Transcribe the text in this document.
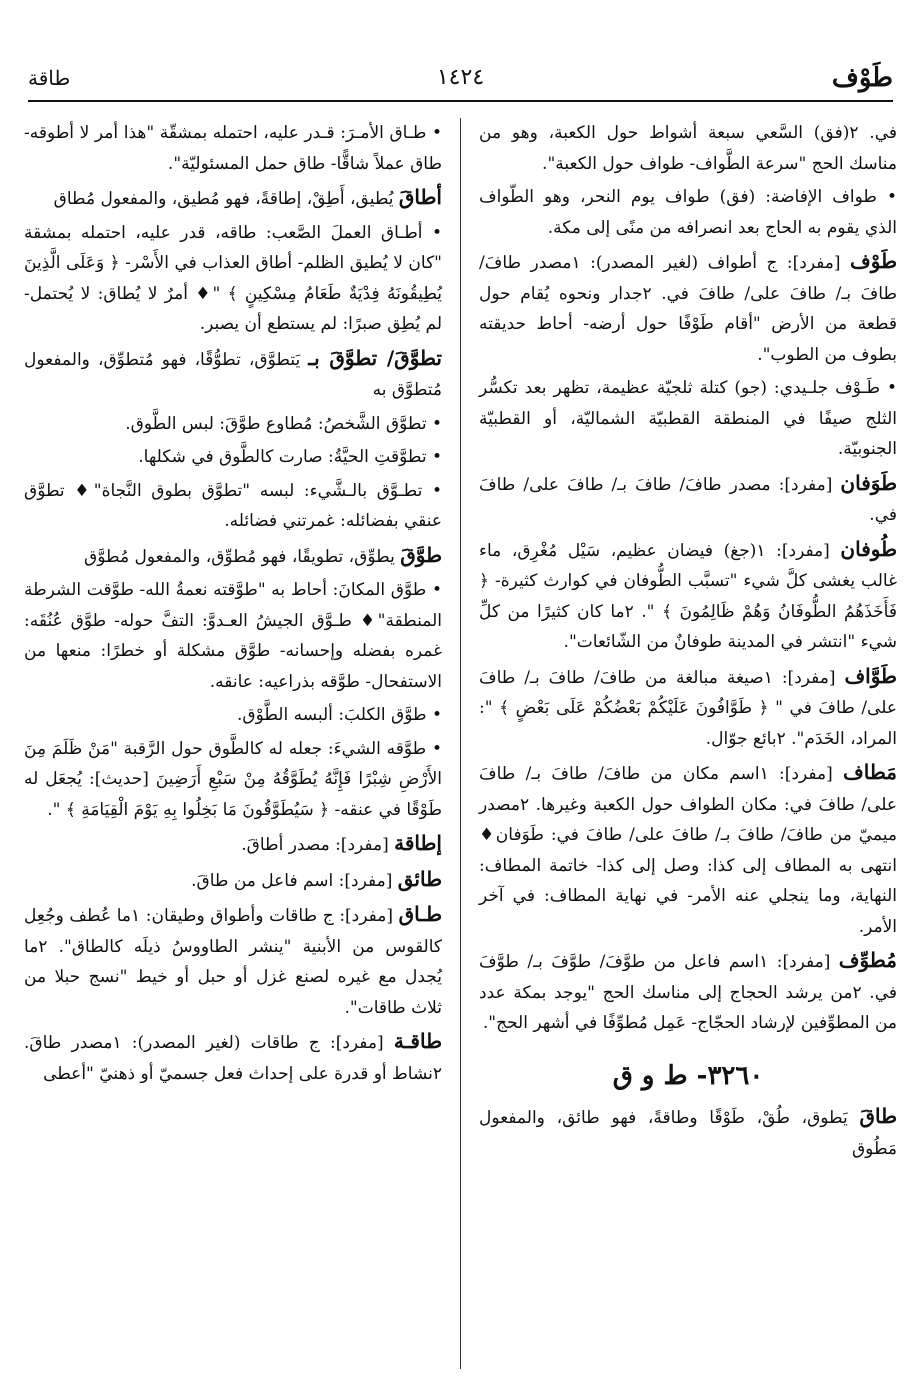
طَوْف
١٤٢٤
طاقة

في. ٢(فق) السَّعي سبعة أشواط حول الكعبة، وهو من مناسك الحج "سرعة الطَّواف- طواف حول الكعبة".

• طواف الإفاضة: (فق) طواف يوم النحر، وهو الطّواف الذي يقوم به الحاج بعد انصرافه من منًى إلى مكة.

طَوْف [مفرد]: ج أطواف (لغير المصدر): ١مصدر طافَ/ طافَ بـ/ طافَ على/ طافَ في. ٢جدار ونحوه يُقام حول قطعة من الأرض "أقام طَوْفًا حول أرضه- أحاط حديقته بطوف من الطوب".

• طَـوْف جلـيدي: (جو) كتلة ثلجيّة عظيمة، تظهر بعد تكسُّر الثلج صيفًا في المنطقة القطبيّة الشماليّة، أو القطبيّة الجنوبيّة.

طَوَفان [مفرد]: مصدر طافَ/ طافَ بـ/ طافَ على/ طافَ في.

طُوفان [مفرد]: ١(جغ) فيضان عظيم، سَيْل مُغْرِق، ماء غالب يغشى كلَّ شيء "تسبَّب الطُّوفان في كوارث كثيرة- ﴿ فَأَخَذَهُمُ الطُّوفَانُ وَهُمْ ظَالِمُونَ ﴾ ". ٢ما كان كثيرًا من كلِّ شيء "انتشر في المدينة طوفانٌ من الشّائعات".

طَوَّاف [مفرد]: ١صيغة مبالغة من طافَ/ طافَ بـ/ طافَ على/ طافَ في " ﴿ طَوَّافُونَ عَلَيْكُمْ بَعْضُكُمْ عَلَى بَعْضٍ ﴾ ": المراد، الخَدَم". ٢بائع جوّال.

مَطاف [مفرد]: ١اسم مكان من طافَ/ طافَ بـ/ طافَ على/ طافَ في: مكان الطواف حول الكعبة وغيرها. ٢مصدر ميميّ من طافَ/ طافَ بـ/ طافَ على/ طافَ في: طَوَفان♦ انتهى به المطاف إلى كذا: وصل إلى كذا- خاتمة المطاف: النهاية، وما ينجلي عنه الأمر- في نهاية المطاف: في آخر الأمر.

مُطوِّف [مفرد]: ١اسم فاعل من طوَّفَ/ طوَّفَ بـ/ طوَّفَ في. ٢من يرشد الحجاج إلى مناسك الحج "يوجد بمكة عدد من المطوِّفين لإرشاد الحجّاج- عَمِل مُطوِّفًا في أشهر الحج".

٣٢٦٠- ط و ق

طاقَ يَطوق، طُقْ، طَوْقًا وطاقةً، فهو طائق، والمفعول مَطُوق

• طـاق الأمـرَ: قـدر عليه، احتمله بمشقّة "هذا أمر لا أطوقه- طاق عملاً شاقًّا- طاق حمل المسئوليّة".

أطاقَ يُطيق، أَطِقْ، إطاقةً، فهو مُطيق، والمفعول مُطاق

• أطـاق العملَ الصَّعب: طاقه، قدر عليه، احتمله بمشقة "كان لا يُطيق الظلم- أطاق العذاب في الأَسْر- ﴿ وَعَلَى الَّذِينَ يُطِيقُونَهُ فِدْيَةٌ طَعَامُ مِسْكِينٍ ﴾ "♦ أمرٌ لا يُطاق: لا يُحتمل- لم يُطِق صبرًا: لم يستطع أن يصبر.

تطوَّقَ/ تطوَّقَ بـ يَتطوَّق، تطوُّقًا، فهو مُتطوِّق، والمفعول مُتطوَّق به

• تطوَّق الشَّخصُ: مُطاوع طوَّقَ: لبس الطَّوق.

• تطوَّقتِ الحيَّةُ: صارت كالطَّوق في شكلها.

• تطـوَّق بالـشَّيء: لبسه "تطوَّق بطوق النَّجاة"♦ تطوَّق عنقي بفضائله: غمرتني فضائله.

طوَّقَ يطوِّق، تطويقًا، فهو مُطوِّق، والمفعول مُطوَّق

• طوَّق المكانَ: أحاط به "طوَّقته نعمةُ الله- طوَّقت الشرطة المنطقة"♦ طـوَّق الجيشُ العـدوَّ: التفَّ حوله- طوَّق عُنُقَه: غمره بفضله وإحسانه- طوَّق مشكلة أو خطرًا: منعها من الاستفحال- طوَّقه بذراعيه: عانقه.

• طوَّق الكلبَ: ألبسه الطَّوْق.

• طوَّقه الشيءَ: جعله له كالطَّوق حول الرَّقبة "مَنْ ظَلَمَ مِنَ الأَرْضِ شِبْرًا فَإِنَّهُ يُطَوَّقُهُ مِنْ سَبْعِ أَرَضِينَ [حديث]: يُجعَل له طَوْقًا في عنقه- ﴿ سَيُطَوَّقُونَ مَا بَخِلُوا بِهِ يَوْمَ الْقِيَامَةِ ﴾ ".

إطاقة [مفرد]: مصدر أطاقَ.

طائق [مفرد]: اسم فاعل من طاقَ.

طـاق [مفرد]: ج طاقات وأطواق وطيقان: ١ما عُطف وجُعِل كالقوس من الأبنية "ينشر الطاووسُ ذيلَه كالطاق". ٢ما يُجدل مع غيره لصنع غزل أو حبل أو خيط "نسج حبلا من ثلاث طاقات".

طاقـة [مفرد]: ج طاقات (لغير المصدر): ١مصدر طاقَ. ٢نشاط أو قدرة على إحداث فعل جسميّ أو ذهنيّ "أعطى
